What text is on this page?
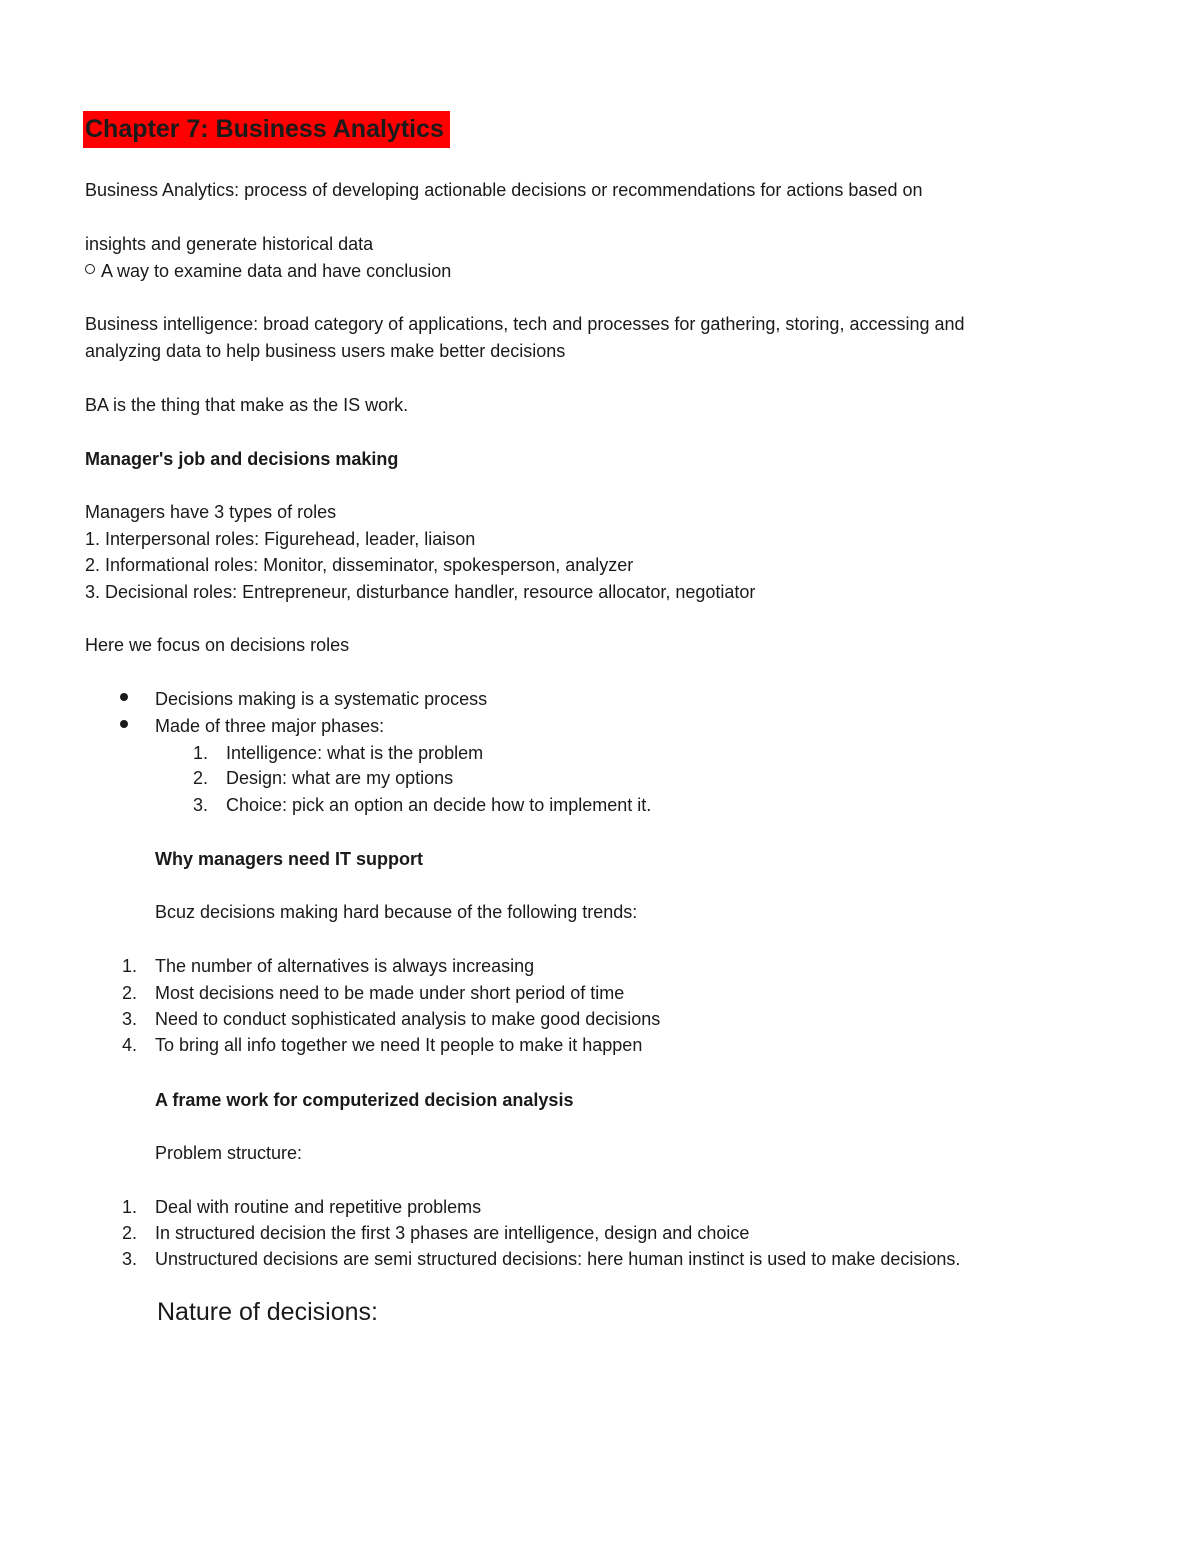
Chapter 7: Business Analytics
Business Analytics: process of developing actionable decisions or recommendations for actions based on
insights and generate historical data
A way to examine data and have conclusion
Business intelligence: broad category of applications, tech and processes for gathering, storing, accessing and
analyzing data to help business users make better decisions
BA is the thing that make as the IS work.
Manager's job and decisions making
Managers have 3 types of roles
1. Interpersonal roles: Figurehead, leader, liaison
2. Informational roles: Monitor, disseminator, spokesperson, analyzer
3. Decisional roles: Entrepreneur, disturbance handler, resource allocator, negotiator
Here we focus on decisions roles
Decisions making is a systematic process
Made of three major phases:
1. Intelligence: what is the problem
2. Design: what are my options
3. Choice: pick an option an decide how to implement it.
Why managers need IT support
Bcuz decisions making hard because of the following trends:
1. The number of alternatives is always increasing
2. Most decisions need to be made under short period of time
3. Need to conduct sophisticated analysis to make good decisions
4. To bring all info together we need It people to make it happen
A frame work for computerized decision analysis
Problem structure:
1. Deal with routine and repetitive problems
2. In structured decision the first 3 phases are intelligence, design and choice
3. Unstructured decisions are semi structured decisions: here human instinct is used to make decisions.
Nature of decisions:
